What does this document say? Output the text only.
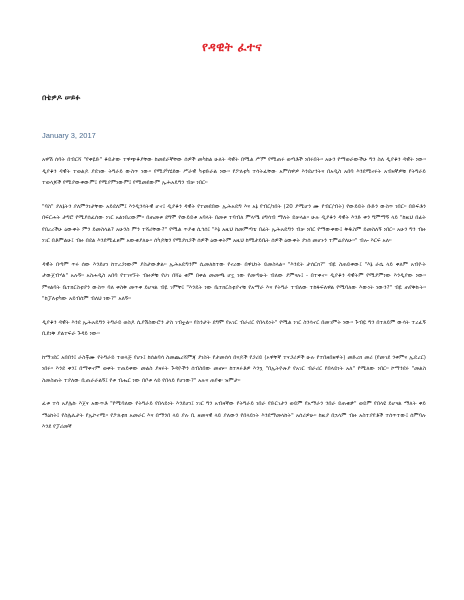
የዳዊት ፈተና
በቴዎዶ ሠይፉ
January 3, 2017

አዋሽ ሰባት በብርሻ "የቀዬድ" ቆይታው ተዋጭቆያቸው ከመደራኛቸው ሰዎች መካከል ሁለት ዳዊት በሚል ሥም የሚጠሩ ወጣቶች ነበሩበት። አሁን የማወራውችሁ ግን ስለ ዲያቆን ዳዊት ነው። ዲያቆን ዳዊት ተወልዶ ያደገው ትግራይ ውስጥ ነው። የሚያካሄደው ሥራዊ ካቲድራል ነው። የፖለቲካ ተሳትፈቸው አምሰዋዎ እንደሆንትና በአዲስ አበባ እንደሚኖሩት አብዛኛዎቹ የትግራይ ተወላጆች የሚያውቀውም፤ የሚያምነውም፤ የሚመደውም ኢሕአዴግን ብቻ ነበር።

"ባስ" ያለኔትን ያለምንነታቸው አይደለም፤ እንዲንሳትዊ ሆኖ፤ ዲያቆን ዳዊት የተመደበው ኢሕአዴግ እና አኔ የብር/ነበት (20 ያሚሆን ሙ የብር/ብት) የውይይት ቡድን ውስጥ ነበር። በድፍቶን በፍርሐት ታግሮ የሚያሰፈሰው ነገር አልነበረውም። በጠመቱ ደግሞ የውይይቱ አባላት በመቱ ተባብለ ምላሜ ሀግሳብ ማለት ይቻላል። ሁሉ ዲያቆን ዳዊት እንድ ቀን ግምማኝ ላይ "ከዚህ በፊት የበረረችሁ ዕውቀት ምን ይመስላል? አሁንስ ምን ተሻሪቸው?" የሚል ጥያቄ ሲጎሰ፤ "እኔ አዚህ ከመምጣቴ በፊት ኢሕአዴግን ብቻ ነበር የማውቀው፤ ቅዱስም ይመስለኝ ነበር። አሁን ግን ብዙ ነገር በቶምልሁ፤ ብዙ በደል እንደሚፈፀም አውቂያለሁ። ሰካዶቹን የሚያክጋች ሰዎች ዕውቀትም አዚህ ከሚታይቤት ሰዎች ዕውቀት ያነሰ መሆኑን ተምሬያለሁ።" ብሎ እርፍ አለ።

ዳዊት በጣም ጥሩ ሰው እንደሆነ ከተረጋነውም ያስታውቃል። ኢሕአዴግንም ሲመለከተው የኖረው በዋህነት ይመስላል። "እንዴት ታሰርክ?" ብዬ ስጠይቀው፤ "እኔ ራሴ ላይ ቀለም አብዮት ታውጀብሃል" አሉኝ። አስሐዲስ አበባ የተገናኙት ብዙዎቹ የሀገ በሻዕ ቂም በቀል መመጫ ሆኗ ነው የመጣሁት ብለው ያምናሉ፤ - በተቀኖ። ዲያቆን ዳዊትም የሚያምነው እንዲያው ነው። ምናልባት ቤተክርስቲያን ውስጥ ባለ ቀስቅ መጥቀ ይሆናል ብዬ ገምቸ፤ "እንዴት ነው ቤተክርስቲያኖቹ የአማራ እና የትግራ ተብለው ተከፋፍለዋል የሚባለው እውነት ነውን?" ብዬ ጠየቅኩት። "ከፓለቲካው አይብሰም ብለህ ነው?" አለኝ።

ዲያቆን ዳዊት እንደ ኢሕአዴግን ትግራይ ወስዶ ሲያሽስውሮን ታስ ገብቷል። የስንታት ደግሞ የአገር ብራሪር የበላይነት" የሚል ነገር ስንሳኖር በመገምት ነው። ጉብዬ ግን በተለይም ውሳት ተረፈኝ ቢደነቅ ያልተፍራ ጉዳይ ነው።

ከማገደር አበበን፤ ራስቾሙ የትግራይ ተወላጅ የሆኑ፤ ከሰልባሳ ስመጨረሻምጃ ያነስት የታመሰሳ በናዶች የጋሪይ (ኦዋቸኛ ተናጋሪዎች ሁሉ የተበዘበዘዋት) መድረክ መሪ (የመገደ ንቀምና ኢዴረር) ነበሩ። እንደ ቀን፤ በማቀኖም ወቀት ተጠይቀው መልስ ያዛሩት ጉዳዮችን ሰብስበው መጡ። ከተጻሩቶዎ እንኳ "በኢትዮጵያ የአገር ብራሪር የበላይነት አለ" የሚለው ነበር። ኮማንደሩ "መልስ ስመስጠት ተያለው ቢጠራራልኝ፤ የቱ ብሔር ነው በቦቱ ላይ የበላይ የሆነው?" አሉና ጠየቁ፡ ዝምታ።

ፈቱ ተሳ አያሌኩ እጀና አውጥቶ "የሚባለው የትግራይ የበላይነት እንደሆነ፤ ነገር ግን አብዛኛው የትግራይ ነበራ የድርገታን ወይም የአማራን ንበራ ይጠቁቃ" ወይም የበላዩ ይሆናል ማለት ቀይ ማዕከት፤ የስሌሊታት የኢኮኖሚ። የፖለቲክ አመራር እና በማንበ ላይ ያሉ ቢ ዘመናዊ ላይ ያለውን የበላይነት እንደማመላከት" አሰሪዎሁ። ከዚያ በኋላም ብዙ አስተያየቶች ተሰጥተው፤ ሰምባሉ እንደ የፓሪመኛ
